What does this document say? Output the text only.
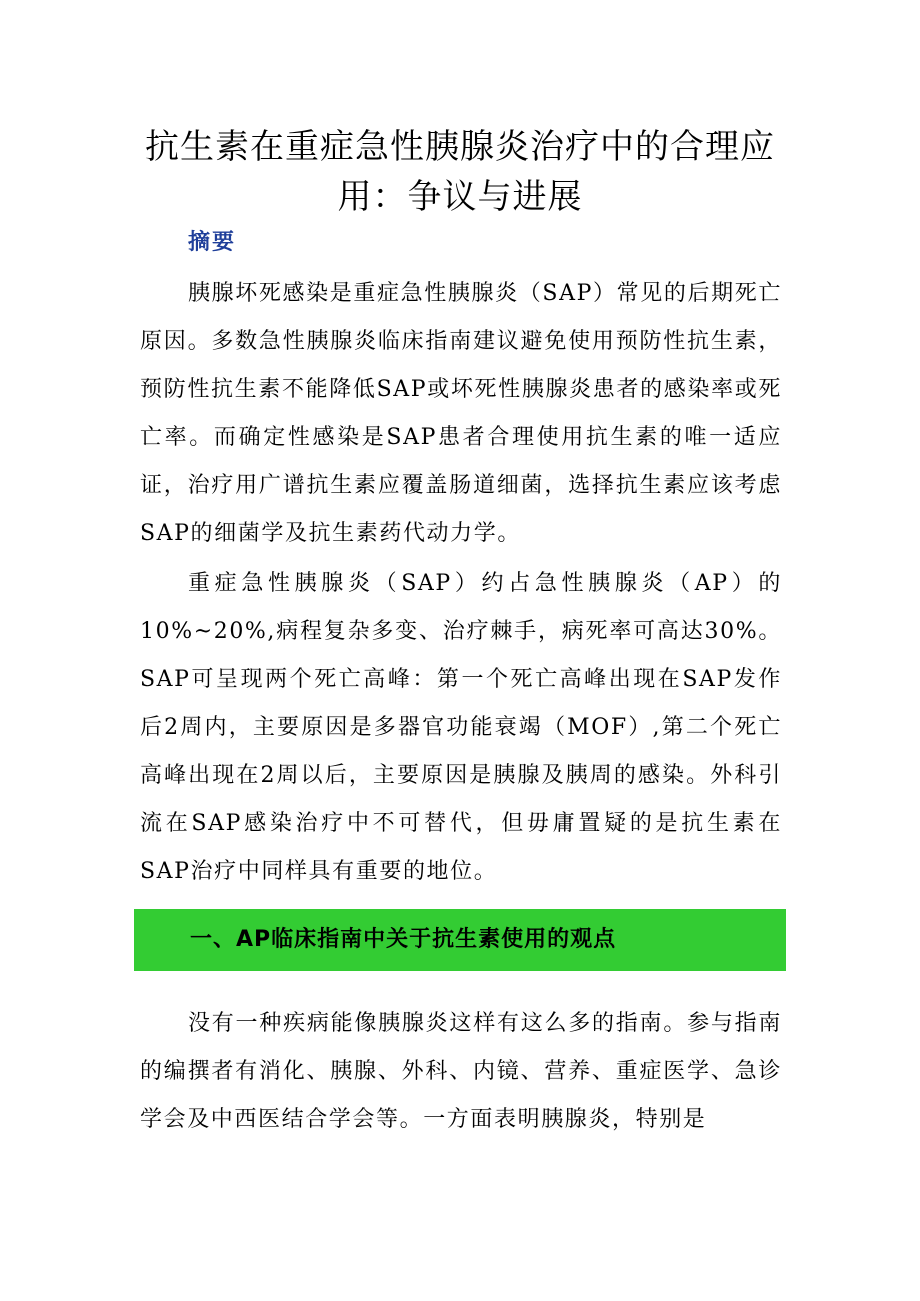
抗生素在重症急性胰腺炎治疗中的合理应用：争议与进展
摘要

胰腺坏死感染是重症急性胰腺炎（SAP）常见的后期死亡原因。多数急性胰腺炎临床指南建议避免使用预防性抗生素，预防性抗生素不能降低SAP或坏死性胰腺炎患者的感染率或死亡率。而确定性感染是SAP患者合理使用抗生素的唯一适应证，治疗用广谱抗生素应覆盖肠道细菌，选择抗生素应该考虑SAP的细菌学及抗生素药代动力学。

重症急性胰腺炎（SAP）约占急性胰腺炎（AP）的10%~20%,病程复杂多变、治疗棘手，病死率可高达30%。SAP可呈现两个死亡高峰：第一个死亡高峰出现在SAP发作后2周内，主要原因是多器官功能衰竭（MOF）,第二个死亡高峰出现在2周以后，主要原因是胰腺及胰周的感染。外科引流在SAP感染治疗中不可替代，但毋庸置疑的是抗生素在SAP治疗中同样具有重要的地位。

一、AP临床指南中关于抗生素使用的观点

没有一种疾病能像胰腺炎这样有这么多的指南。参与指南的编撰者有消化、胰腺、外科、内镜、营养、重症医学、急诊学会及中西医结合学会等。一方面表明胰腺炎，特别是
